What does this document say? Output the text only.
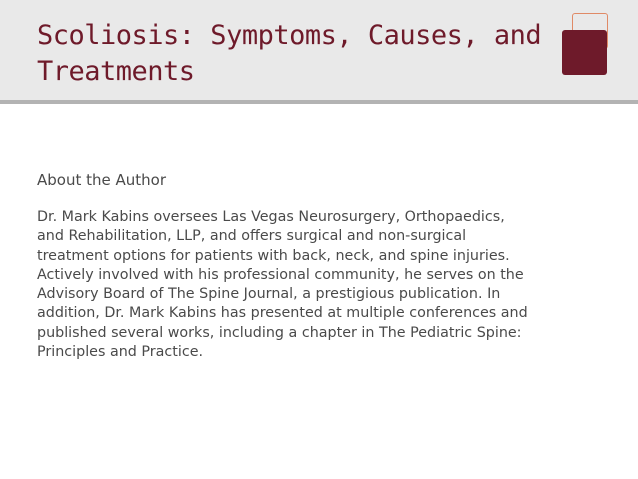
Scoliosis: Symptoms, Causes, and Treatments

About the Author

Dr. Mark Kabins oversees Las Vegas Neurosurgery, Orthopaedics,
and Rehabilitation, LLP, and offers surgical and non-surgical
treatment options for patients with back, neck, and spine injuries.
Actively involved with his professional community, he serves on the
Advisory Board of The Spine Journal, a prestigious publication. In
addition, Dr. Mark Kabins has presented at multiple conferences and
published several works, including a chapter in The Pediatric Spine:
Principles and Practice.
